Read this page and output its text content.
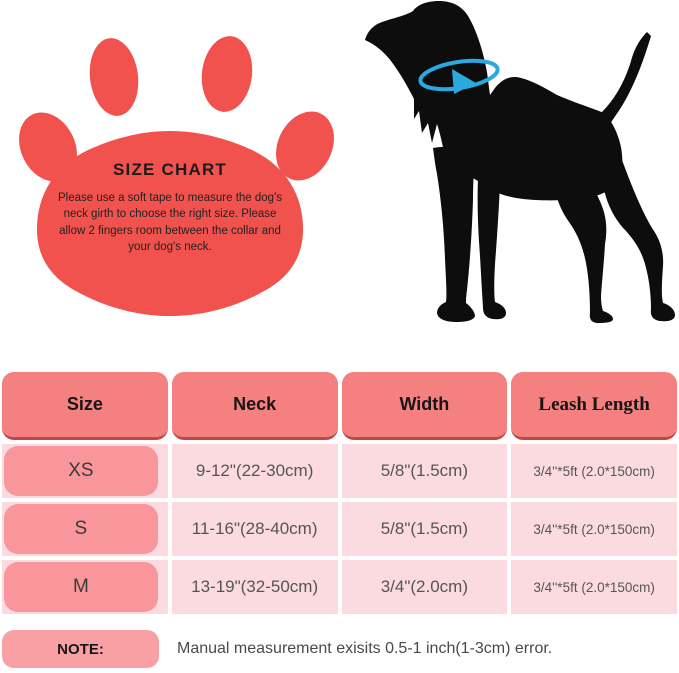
SIZE CHART
Please use a soft tape to measure the dog's neck girth to choose the right size. Please allow 2 fingers room between the collar and your dog's neck.
Size	Neck	Width	Leash Length
XS	9-12"(22-30cm)	5/8"(1.5cm)	3/4''*5ft (2.0*150cm)
S	11-16"(28-40cm)	5/8"(1.5cm)	3/4''*5ft (2.0*150cm)
M	13-19"(32-50cm)	3/4"(2.0cm)	3/4''*5ft (2.0*150cm)
NOTE:	Manual measurement exisits 0.5-1 inch(1-3cm) error.
